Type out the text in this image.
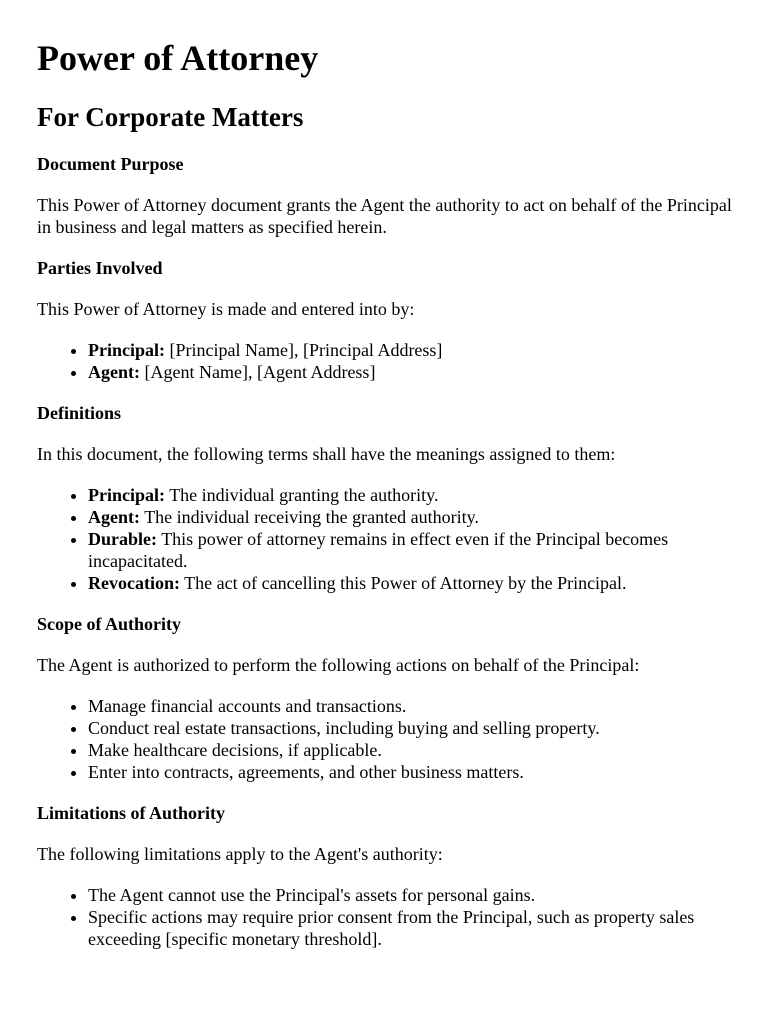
Power of Attorney
For Corporate Matters
Document Purpose

This Power of Attorney document grants the Agent the authority to act on behalf of the Principal in business and legal matters as specified herein.

Parties Involved

This Power of Attorney is made and entered into by:

• Principal: [Principal Name], [Principal Address]
• Agent: [Agent Name], [Agent Address]
Definitions

In this document, the following terms shall have the meanings assigned to them:

• Principal: The individual granting the authority.
• Agent: The individual receiving the granted authority.
• Durable: This power of attorney remains in effect even if the Principal becomes incapacitated.
• Revocation: The act of cancelling this Power of Attorney by the Principal.
Scope of Authority

The Agent is authorized to perform the following actions on behalf of the Principal:

• Manage financial accounts and transactions.
• Conduct real estate transactions, including buying and selling property.
• Make healthcare decisions, if applicable.
• Enter into contracts, agreements, and other business matters.
Limitations of Authority

The following limitations apply to the Agent's authority:

• The Agent cannot use the Principal's assets for personal gains.
• Specific actions may require prior consent from the Principal, such as property sales exceeding [specific monetary threshold].
